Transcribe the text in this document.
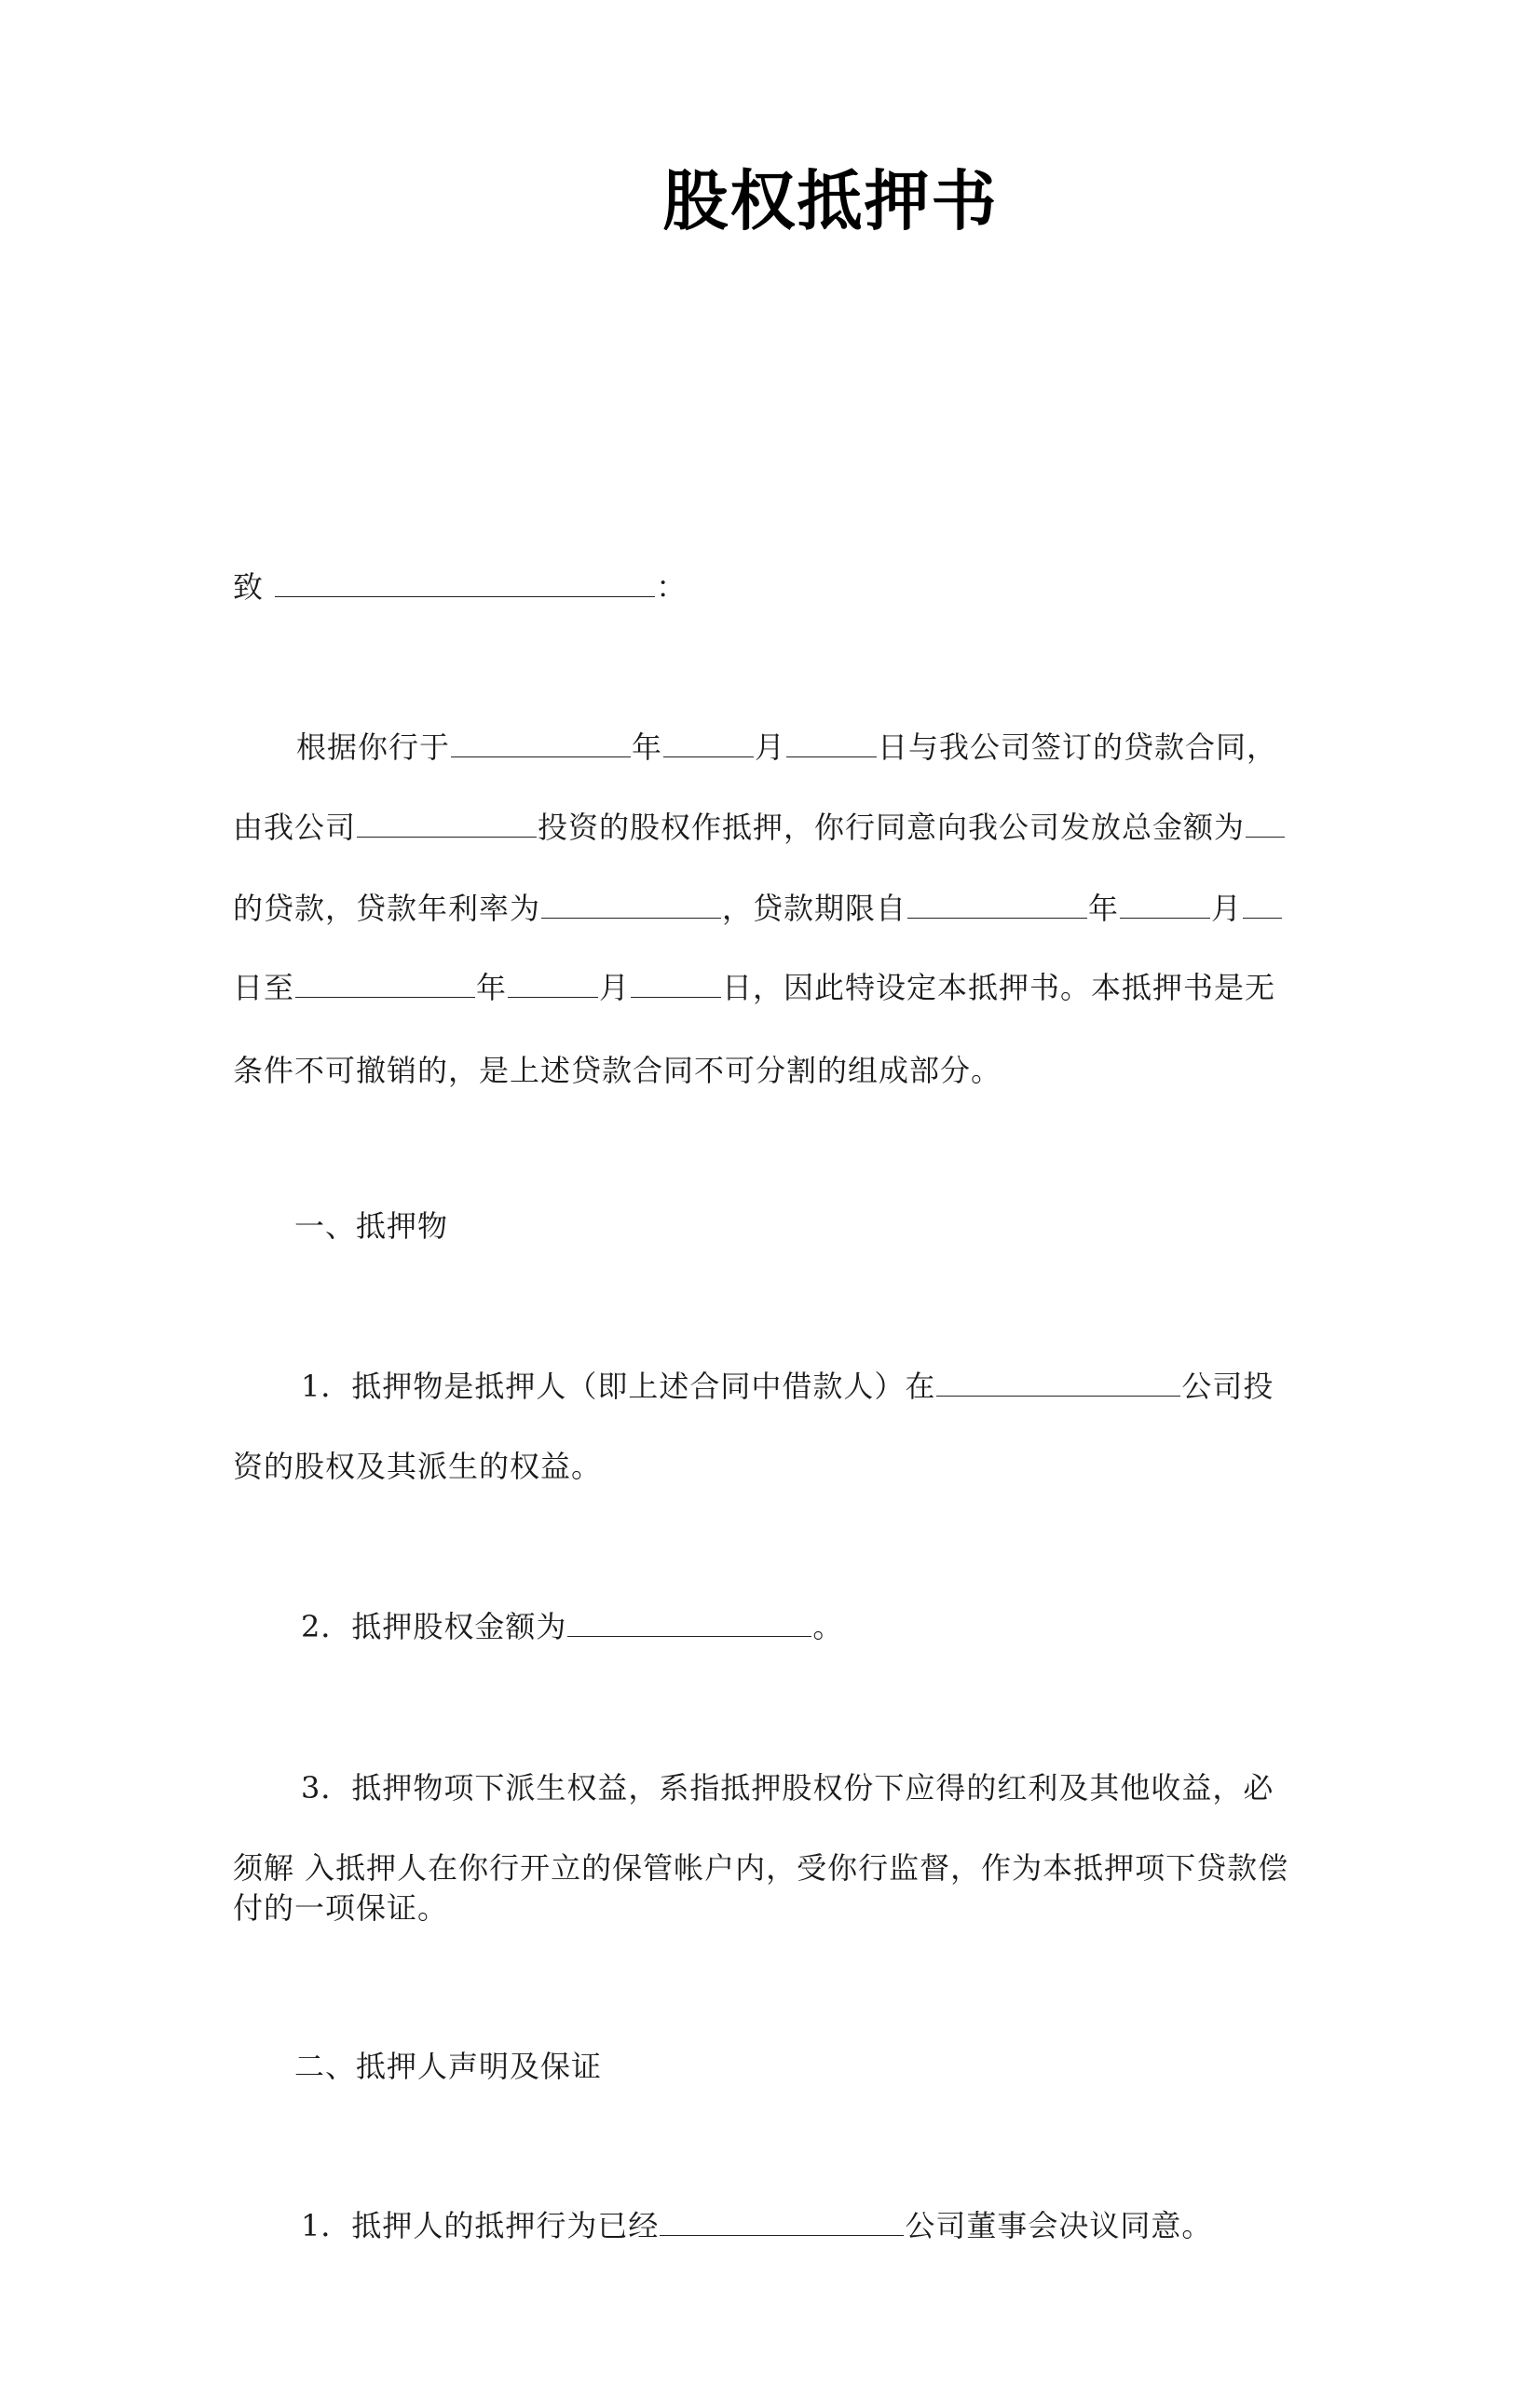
股权抵押书
致	：
根据你行于	年	月	日与我公司签订的贷款合同，
由我公司	投资的股权作抵押，你行同意向我公司发放总金额为
的贷款，贷款年利率为	，贷款期限自	年	月
日至	年	月	日，因此特设定本抵押书。本抵押书是无
条件不可撤销的，是上述贷款合同不可分割的组成部分。
一、抵押物
1．抵押物是抵押人（即上述合同中借款人）在	公司投
资的股权及其派生的权益。
2．抵押股权金额为	。
3．抵押物项下派生权益，系指抵押股权份下应得的红利及其他收益，必
须解 入抵押人在你行开立的保管帐户内，受你行监督，作为本抵押项下贷款偿
付的一项保证。
二、抵押人声明及保证
1．抵押人的抵押行为已经	公司董事会决议同意。
